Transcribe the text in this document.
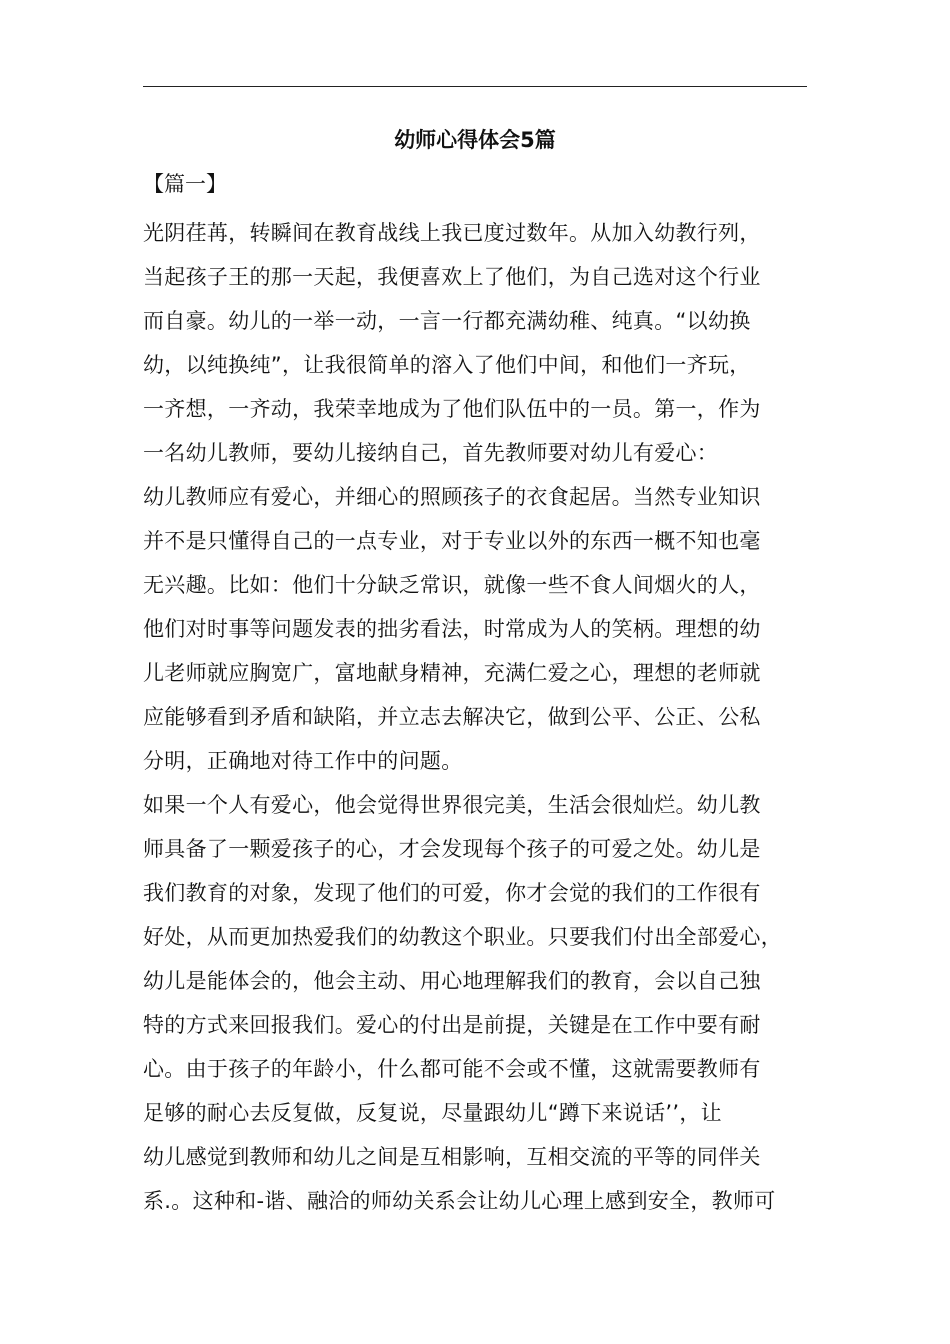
幼师心得体会5篇
【篇一】

光阴荏苒，转瞬间在教育战线上我已度过数年。从加入幼教行列，

当起孩子王的那一天起，我便喜欢上了他们，为自己选对这个行业

而自豪。幼儿的一举一动，一言一行都充满幼稚、纯真。“以幼换

幼，以纯换纯”，让我很简单的溶入了他们中间，和他们一齐玩，

一齐想，一齐动，我荣幸地成为了他们队伍中的一员。第一，作为

一名幼儿教师，要幼儿接纳自己，首先教师要对幼儿有爱心：

幼儿教师应有爱心，并细心的照顾孩子的衣食起居。当然专业知识

并不是只懂得自己的一点专业，对于专业以外的东西一概不知也毫

无兴趣。比如：他们十分缺乏常识，就像一些不食人间烟火的人，

他们对时事等问题发表的拙劣看法，时常成为人的笑柄。理想的幼

儿老师就应胸宽广，富地献身精神，充满仁爱之心，理想的老师就

应能够看到矛盾和缺陷，并立志去解决它，做到公平、公正、公私

分明，正确地对待工作中的问题。

如果一个人有爱心，他会觉得世界很完美，生活会很灿烂。幼儿教

师具备了一颗爱孩子的心，才会发现每个孩子的可爱之处。幼儿是

我们教育的对象，发现了他们的可爱，你才会觉的我们的工作很有

好处，从而更加热爱我们的幼教这个职业。只要我们付出全部爱心，

幼儿是能体会的，他会主动、用心地理解我们的教育，会以自己独

特的方式来回报我们。爱心的付出是前提，关键是在工作中要有耐

心。由于孩子的年龄小，什么都可能不会或不懂，这就需要教师有

足够的耐心去反复做，反复说，尽量跟幼儿“蹲下来说话’’，让

幼儿感觉到教师和幼儿之间是互相影响，互相交流的平等的同伴关

系.。这种和-谐、融洽的师幼关系会让幼儿心理上感到安全，教师可
